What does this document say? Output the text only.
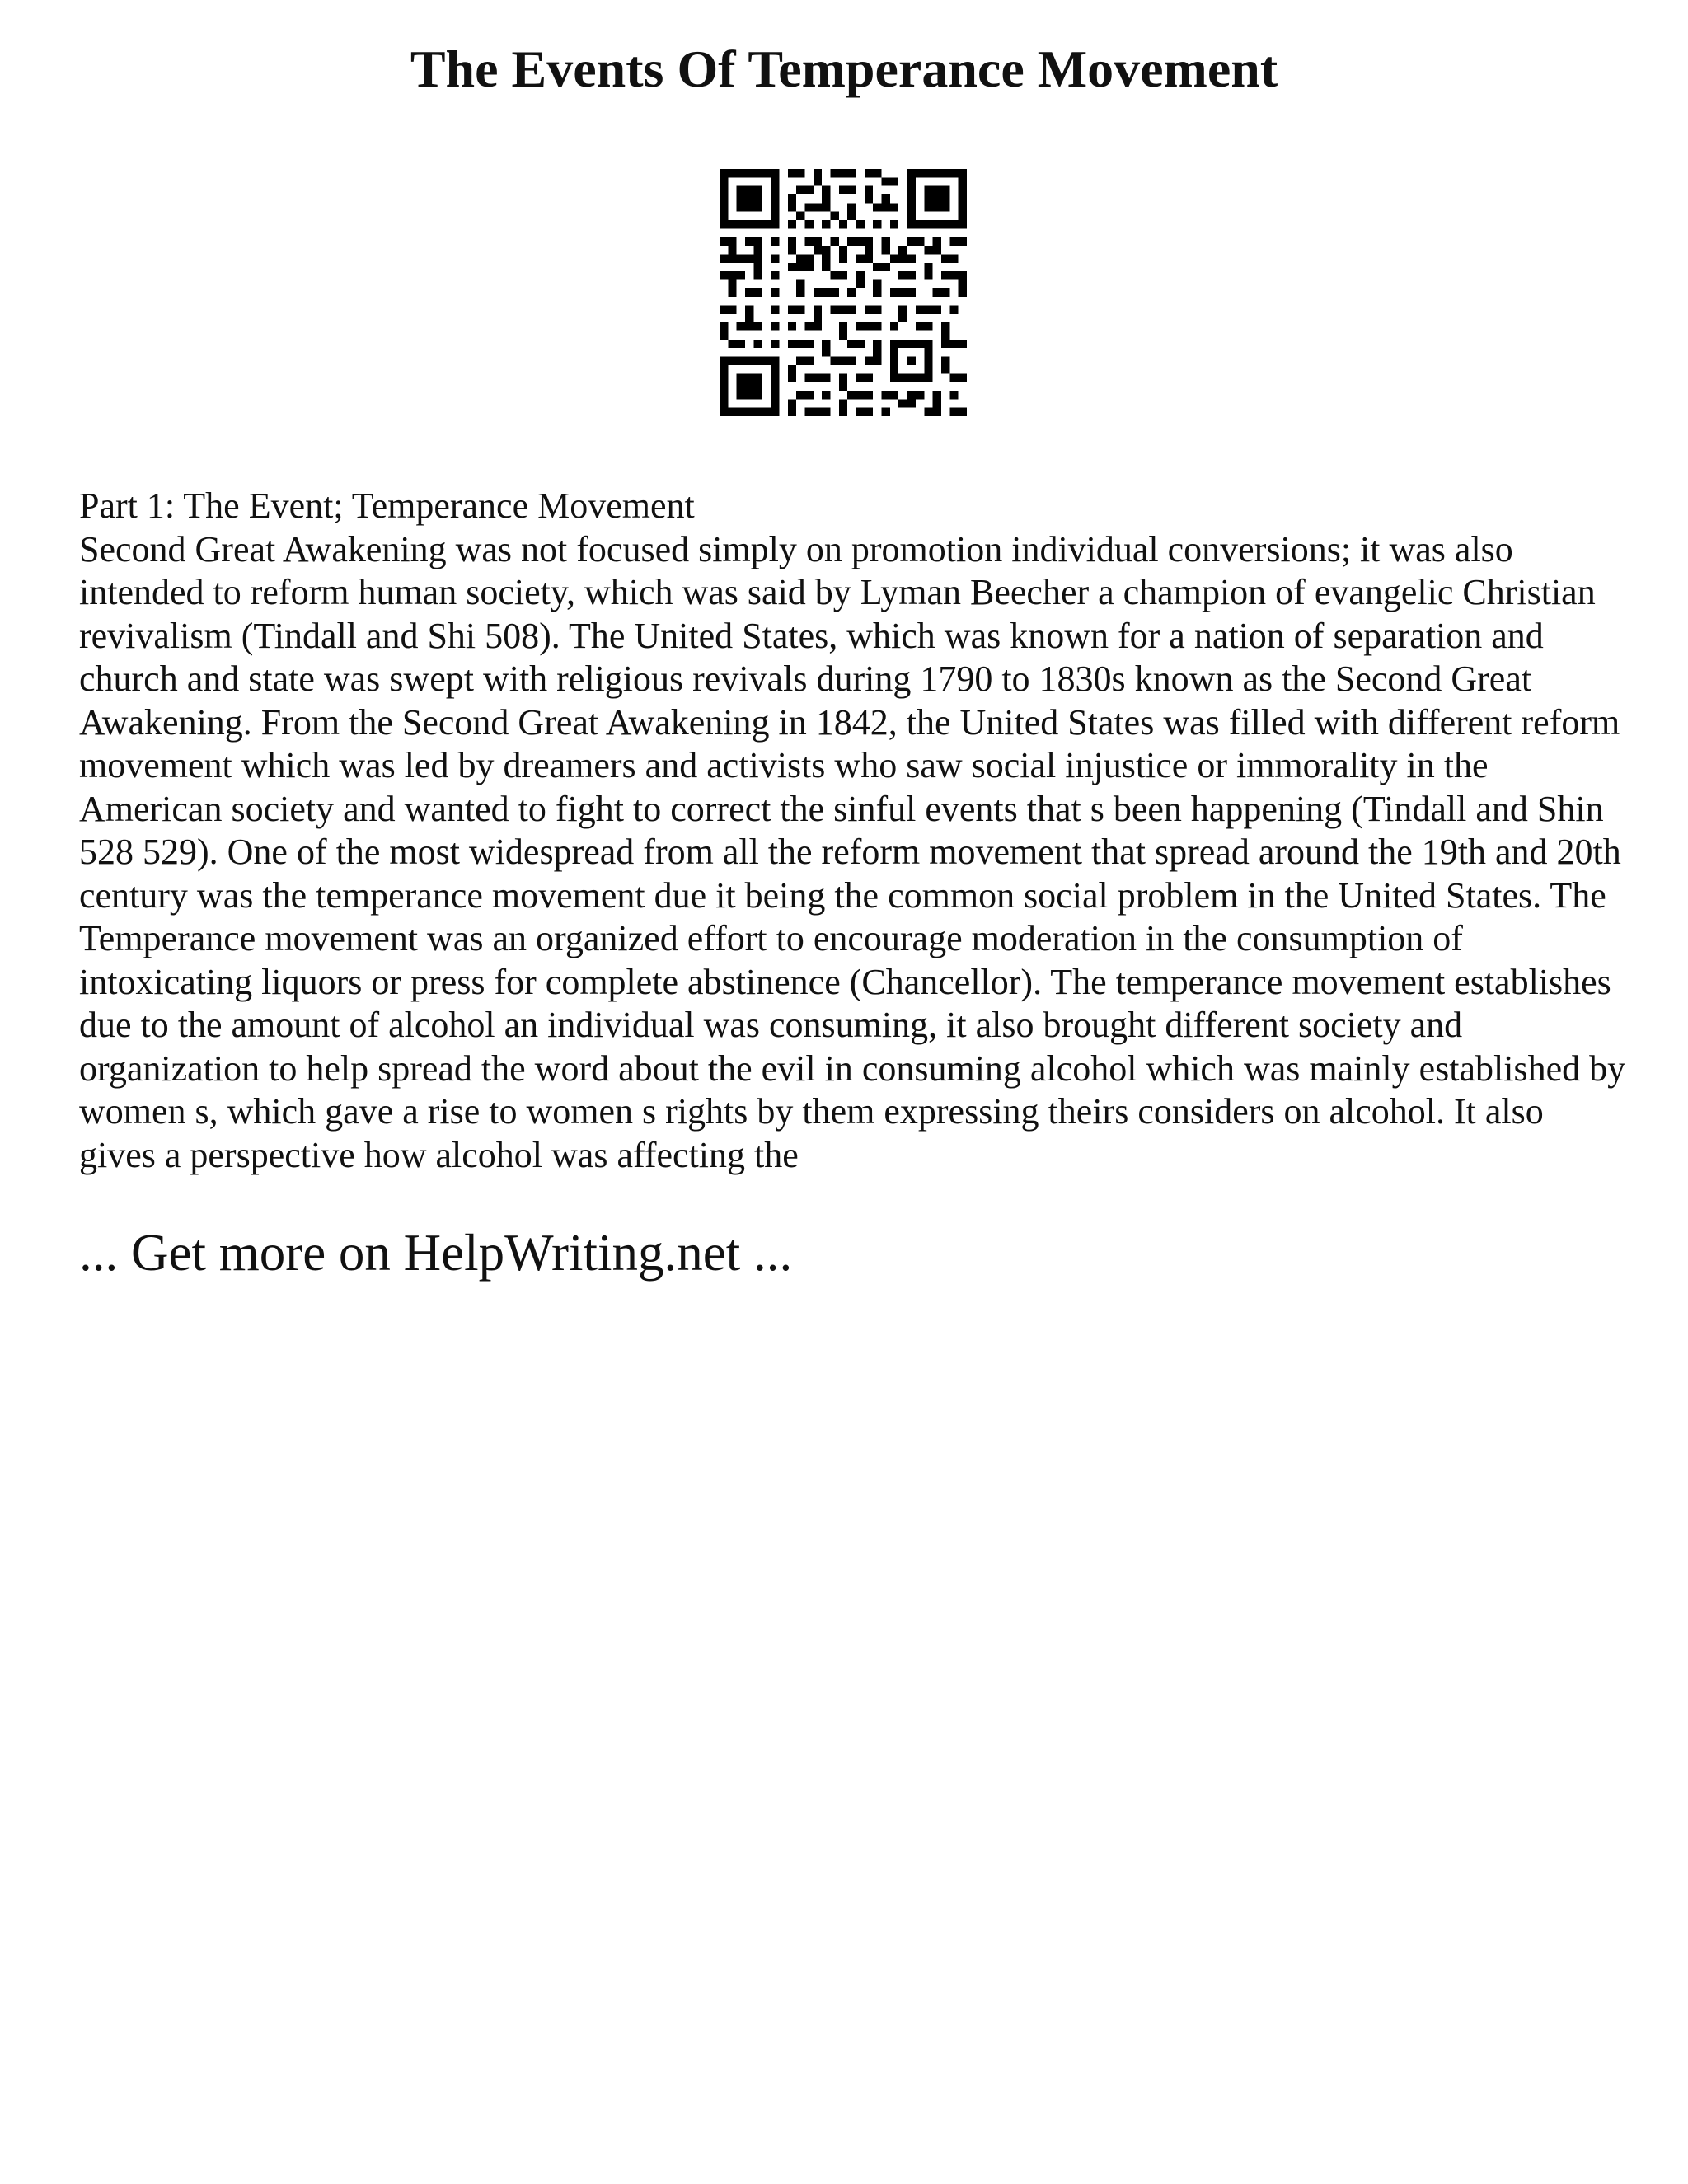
The Events Of Temperance Movement
Part 1: The Event; Temperance Movement
Second Great Awakening was not focused simply on promotion individual conversions; it was also intended to reform human society, which was said by Lyman Beecher a champion of evangelic Christian revivalism (Tindall and Shi 508). The United States, which was known for a nation of separation and church and state was swept with religious revivals during 1790 to 1830s known as the Second Great Awakening. From the Second Great Awakening in 1842, the United States was filled with different reform movement which was led by dreamers and activists who saw social injustice or immorality in the American society and wanted to fight to correct the sinful events that s been happening (Tindall and Shin 528 529). One of the most widespread from all the reform movement that spread around the 19th and 20th century was the temperance movement due it being the common social problem in the United States. The Temperance movement was an organized effort to encourage moderation in the consumption of intoxicating liquors or press for complete abstinence (Chancellor). The temperance movement establishes due to the amount of alcohol an individual was consuming, it also brought different society and organization to help spread the word about the evil in consuming alcohol which was mainly established by women s, which gave a rise to women s rights by them expressing theirs considers on alcohol. It also gives a perspective how alcohol was affecting the

... Get more on HelpWriting.net ...
